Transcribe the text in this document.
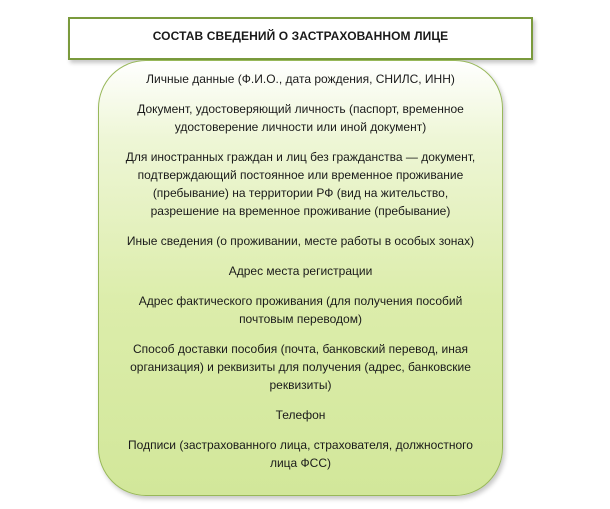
СОСТАВ СВЕДЕНИЙ О ЗАСТРАХОВАННОМ ЛИЦЕ
Личные данные (Ф.И.О., дата рождения, СНИЛС, ИНН)
Документ, удостоверяющий личность (паспорт, временное удостоверение личности или иной документ)
Для иностранных граждан и лиц без гражданства — документ, подтверждающий постоянное или временное проживание (пребывание) на территории РФ (вид на жительство, разрешение на временное проживание (пребывание)
Иные сведения (о проживании, месте работы в особых зонах)
Адрес места регистрации
Адрес фактического проживания (для получения пособий почтовым переводом)
Способ доставки пособия (почта, банковский перевод, иная организация) и реквизиты для получения (адрес, банковские реквизиты)
Телефон
Подписи (застрахованного лица, страхователя, должностного лица ФСС)
